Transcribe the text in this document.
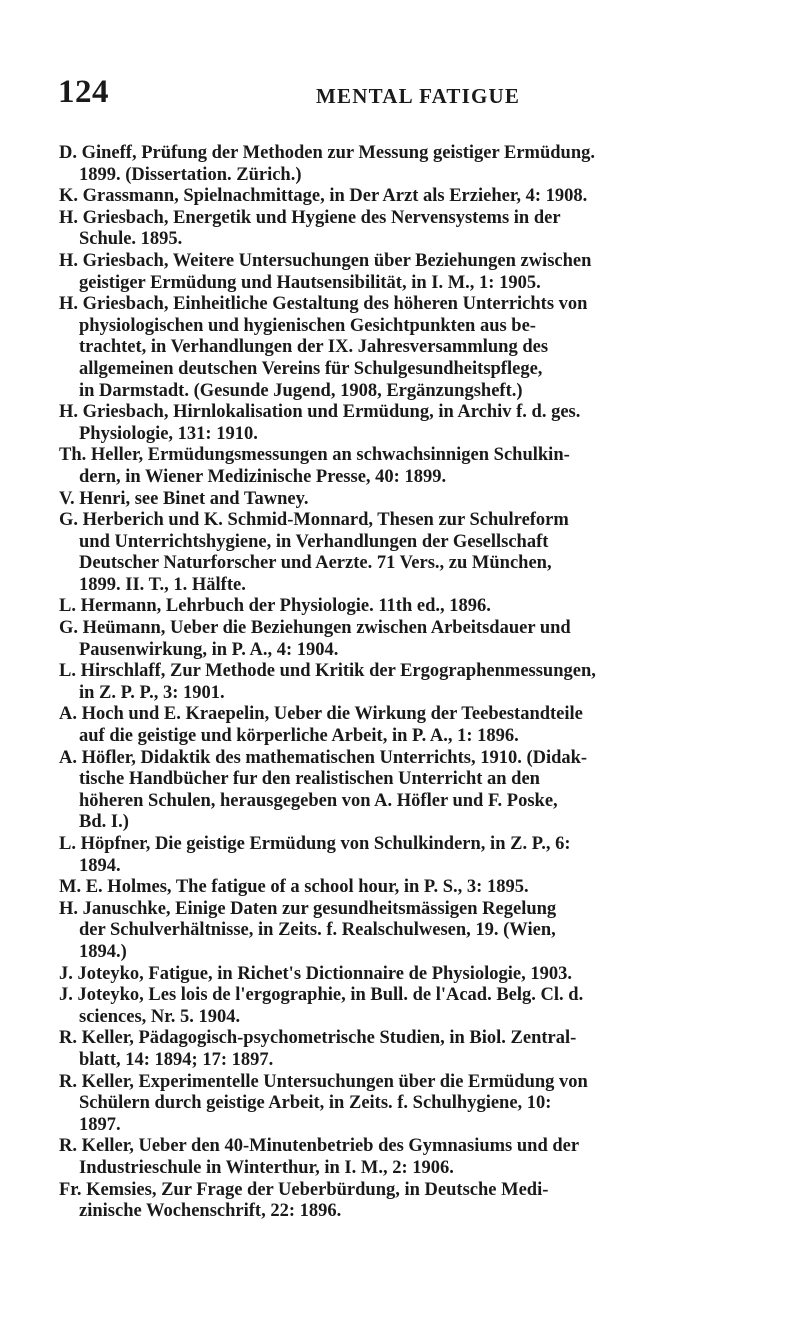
124	MENTAL FATIGUE
D. Gineff, Prüfung der Methoden zur Messung geistiger Ermüdung.
1899. (Dissertation. Zürich.)
K. Grassmann, Spielnachmittage, in Der Arzt als Erzieher, 4: 1908.
H. Griesbach, Energetik und Hygiene des Nervensystems in der
Schule. 1895.
H. Griesbach, Weitere Untersuchungen über Beziehungen zwischen
geistiger Ermüdung und Hautsensibilität, in I. M., 1: 1905.
H. Griesbach, Einheitliche Gestaltung des höheren Unterrichts von
physiologischen und hygienischen Gesichtpunkten aus be-
trachtet, in Verhandlungen der IX. Jahresversammlung des
allgemeinen deutschen Vereins für Schulgesundheitspflege,
in Darmstadt. (Gesunde Jugend, 1908, Ergänzungsheft.)
H. Griesbach, Hirnlokalisation und Ermüdung, in Archiv f. d. ges.
Physiologie, 131: 1910.
Th. Heller, Ermüdungsmessungen an schwachsinnigen Schulkin-
dern, in Wiener Medizinische Presse, 40: 1899.
V. Henri, see Binet and Tawney.
G. Herberich und K. Schmid-Monnard, Thesen zur Schulreform
und Unterrichtshygiene, in Verhandlungen der Gesellschaft
Deutscher Naturforscher und Aerzte. 71 Vers., zu München,
1899. II. T., 1. Hälfte.
L. Hermann, Lehrbuch der Physiologie. 11th ed., 1896.
G. Heümann, Ueber die Beziehungen zwischen Arbeitsdauer und
Pausenwirkung, in P. A., 4: 1904.
L. Hirschlaff, Zur Methode und Kritik der Ergographenmessungen,
in Z. P. P., 3: 1901.
A. Hoch und E. Kraepelin, Ueber die Wirkung der Teebestandteile
auf die geistige und körperliche Arbeit, in P. A., 1: 1896.
A. Höfler, Didaktik des mathematischen Unterrichts, 1910. (Didak-
tische Handbücher fur den realistischen Unterricht an den
höheren Schulen, herausgegeben von A. Höfler und F. Poske,
Bd. I.)
L. Höpfner, Die geistige Ermüdung von Schulkindern, in Z. P., 6:
1894.
M. E. Holmes, The fatigue of a school hour, in P. S., 3: 1895.
H. Januschke, Einige Daten zur gesundheitsmässigen Regelung
der Schulverhältnisse, in Zeits. f. Realschulwesen, 19. (Wien,
1894.)
J. Joteyko, Fatigue, in Richet's Dictionnaire de Physiologie, 1903.
J. Joteyko, Les lois de l'ergographie, in Bull. de l'Acad. Belg. Cl. d.
sciences, Nr. 5. 1904.
R. Keller, Pädagogisch-psychometrische Studien, in Biol. Zentral-
blatt, 14: 1894; 17: 1897.
R. Keller, Experimentelle Untersuchungen über die Ermüdung von
Schülern durch geistige Arbeit, in Zeits. f. Schulhygiene, 10:
1897.
R. Keller, Ueber den 40-Minutenbetrieb des Gymnasiums und der
Industrieschule in Winterthur, in I. M., 2: 1906.
Fr. Kemsies, Zur Frage der Ueberbürdung, in Deutsche Medi-
zinische Wochenschrift, 22: 1896.
